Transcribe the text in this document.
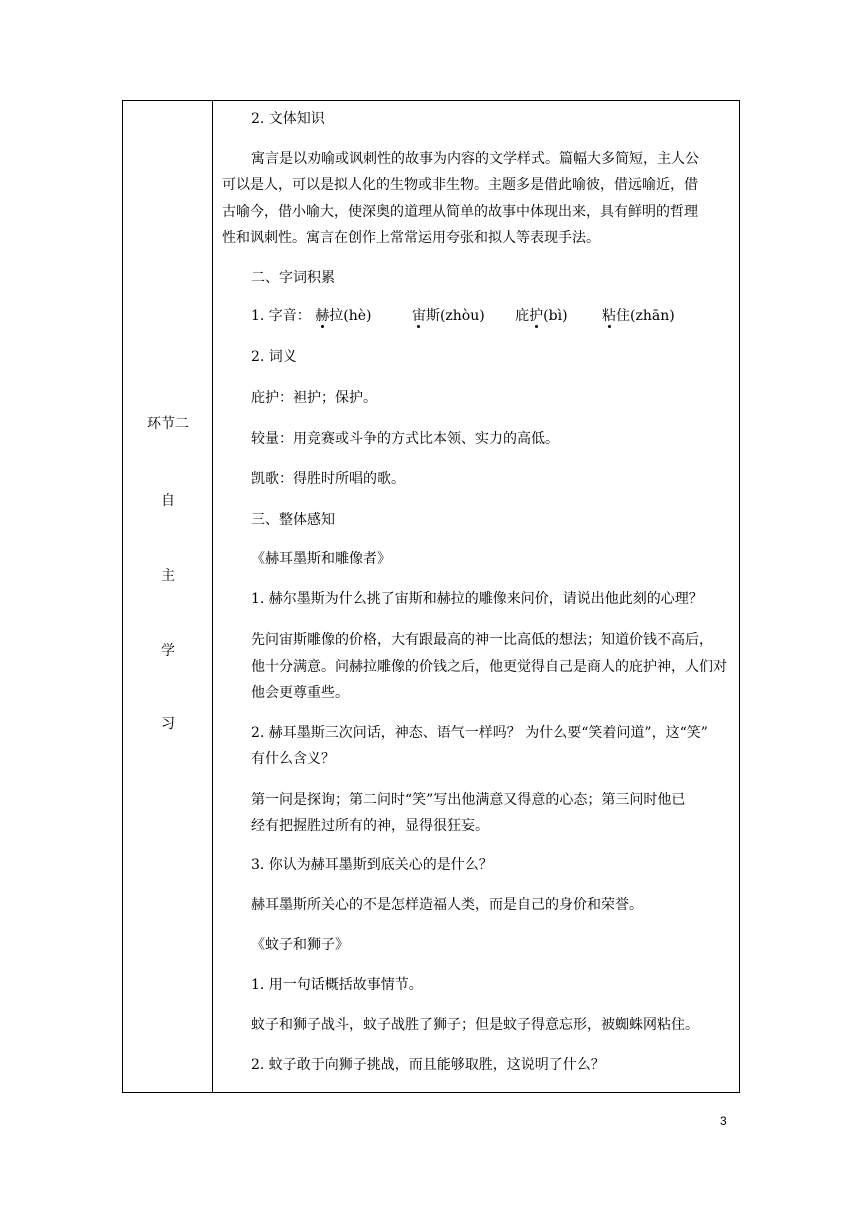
环节二
自
主
学
习
2. 文体知识
寓言是以劝喻或讽刺性的故事为内容的文学样式。篇幅大多简短，主人公
可以是人，可以是拟人化的生物或非生物。主题多是借此喻彼，借远喻近，借
古喻今，借小喻大，使深奥的道理从简单的故事中体现出来，具有鲜明的哲理
性和讽刺性。寓言在创作上常常运用夸张和拟人等表现手法。
二、字词积累
1. 字音： 赫拉(hè)	宙斯(zhòu) 庇护(bì) 粘住(zhān)
2. 词义
庇护：袒护；保护。
较量：用竞赛或斗争的方式比本领、实力的高低。
凯歌：得胜时所唱的歌。
三、整体感知
《赫耳墨斯和雕像者》
1. 赫尔墨斯为什么挑了宙斯和赫拉的雕像来问价，请说出他此刻的心理？
先问宙斯雕像的价格，大有跟最高的神一比高低的想法；知道价钱不高后，
他十分满意。问赫拉雕像的价钱之后，他更觉得自己是商人的庇护神，人们对
他会更尊重些。
2. 赫耳墨斯三次问话，神态、语气一样吗？ 为什么要“笑着问道”，这“笑”
有什么含义？
第一问是探询；第二问时“笑”写出他满意又得意的心态；第三问时他已
经有把握胜过所有的神，显得很狂妄。
3. 你认为赫耳墨斯到底关心的是什么？
赫耳墨斯所关心的不是怎样造福人类，而是自己的身价和荣誉。
《蚊子和狮子》
1. 用一句话概括故事情节。
蚊子和狮子战斗，蚊子战胜了狮子；但是蚊子得意忘形，被蜘蛛网粘住。
2. 蚊子敢于向狮子挑战，而且能够取胜，这说明了什么？
3
